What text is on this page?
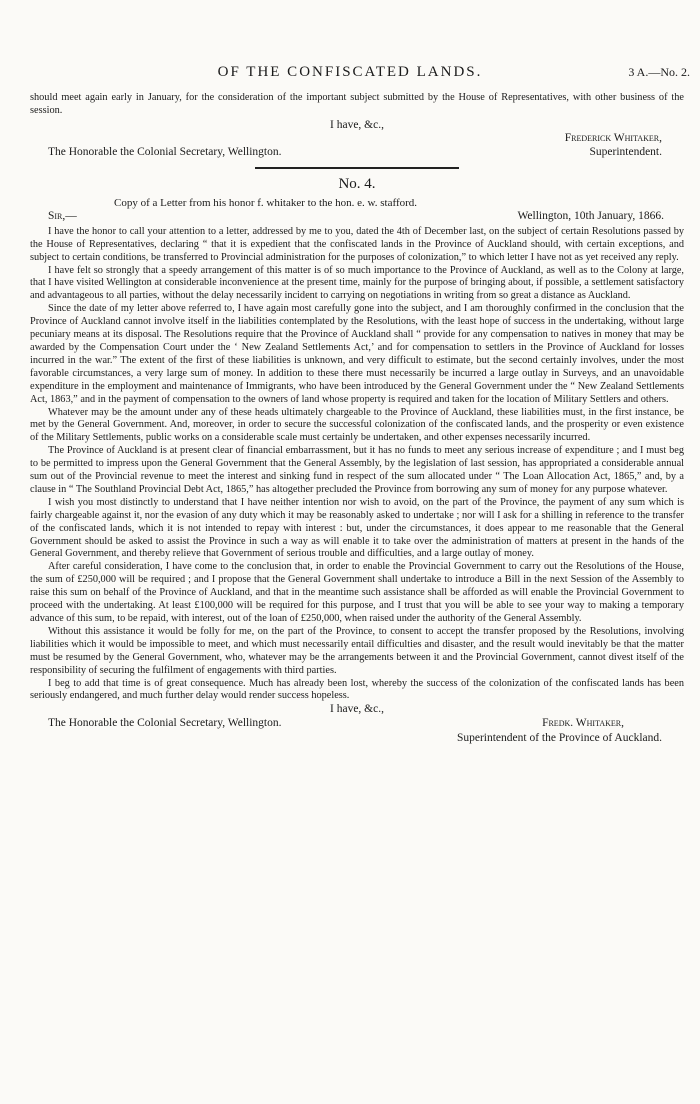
OF THE CONFISCATED LANDS.	3 A.—No. 2.

should meet again early in January, for the consideration of the important subject submitted by the House of Representatives, with other business of the session.

I have, &c.,
Frederick Whitaker,
The Honorable the Colonial Secretary, Wellington.	Superintendent.
No. 4.
Copy of a Letter from his honor f. whitaker to the hon. e. w. stafford.
Sir,—	Wellington, 10th January, 1866.

I have the honor to call your attention to a letter, addressed by me to you, dated the 4th of December last, on the subject of certain Resolutions passed by the House of Representatives, declaring “ that it is expedient that the confiscated lands in the Province of Auckland should, with certain exceptions, and subject to certain conditions, be transferred to Provincial administration for the purposes of colonization,” to which letter I have not as yet received any reply.

I have felt so strongly that a speedy arrangement of this matter is of so much importance to the Province of Auckland, as well as to the Colony at large, that I have visited Wellington at considerable inconvenience at the present time, mainly for the purpose of bringing about, if possible, a settlement satisfactory and advantageous to all parties, without the delay necessarily incident to carrying on negotiations in writing from so great a distance as Auckland.

Since the date of my letter above referred to, I have again most carefully gone into the subject, and I am thoroughly confirmed in the conclusion that the Province of Auckland cannot involve itself in the liabilities contemplated by the Resolutions, with the least hope of success in the undertaking, without large pecuniary means at its disposal. The Resolutions require that the Province of Auckland shall “ provide for any compensation to natives in money that may be awarded by the Compensation Court under the ‘ New Zealand Settlements Act,’ and for compensation to settlers in the Province of Auckland for losses incurred in the war.” The extent of the first of these liabilities is unknown, and very difficult to estimate, but the second certainly involves, under the most favorable circumstances, a very large sum of money. In addition to these there must necessarily be incurred a large outlay in Surveys, and an unavoidable expenditure in the employment and maintenance of Immigrants, who have been introduced by the General Government under the “ New Zealand Settlements Act, 1863,” and in the payment of compensation to the owners of land whose property is required and taken for the location of Military Settlers and others.

Whatever may be the amount under any of these heads ultimately chargeable to the Province of Auckland, these liabilities must, in the first instance, be met by the General Government. And, moreover, in order to secure the successful colonization of the confiscated lands, and the prosperity or even existence of the Military Settlements, public works on a considerable scale must certainly be undertaken, and other expenses necessarily incurred.

The Province of Auckland is at present clear of financial embarrassment, but it has no funds to meet any serious increase of expenditure ; and I must beg to be permitted to impress upon the General Government that the General Assembly, by the legislation of last session, has appropriated a considerable annual sum out of the Provincial revenue to meet the interest and sinking fund in respect of the sum allocated under “ The Loan Allocation Act, 1865,” and, by a clause in “ The Southland Provincial Debt Act, 1865,” has altogether precluded the Province from borrowing any sum of money for any purpose whatever.

I wish you most distinctly to understand that I have neither intention nor wish to avoid, on the part of the Province, the payment of any sum which is fairly chargeable against it, nor the evasion of any duty which it may be reasonably asked to undertake ; nor will I ask for a shilling in reference to the transfer of the confiscated lands, which it is not intended to repay with interest : but, under the circumstances, it does appear to me reasonable that the General Government should be asked to assist the Province in such a way as will enable it to take over the administration of matters at present in the hands of the General Government, and thereby relieve that Government of serious trouble and difficulties, and a large outlay of money.

After careful consideration, I have come to the conclusion that, in order to enable the Provincial Government to carry out the Resolutions of the House, the sum of £250,000 will be required ; and I propose that the General Government shall undertake to introduce a Bill in the next Session of the Assembly to raise this sum on behalf of the Province of Auckland, and that in the meantime such assistance shall be afforded as will enable the Provincial Government to proceed with the undertaking. At least £100,000 will be required for this purpose, and I trust that you will be able to see your way to making a temporary advance of this sum, to be repaid, with interest, out of the loan of £250,000, when raised under the authority of the General Assembly.

Without this assistance it would be folly for me, on the part of the Province, to consent to accept the transfer proposed by the Resolutions, involving liabilities which it would be impossible to meet, and which must necessarily entail difficulties and disaster, and the result would inevitably be that the matter must be resumed by the General Government, who, whatever may be the arrangements between it and the Provincial Government, cannot divest itself of the responsibility of securing the fulfilment of engagements with third parties.

I beg to add that time is of great consequence. Much has already been lost, whereby the success of the colonization of the confiscated lands has been seriously endangered, and much further delay would render success hopeless.

I have, &c.,
The Honorable the Colonial Secretary, Wellington.	Fredk. Whitaker,
Superintendent of the Province of Auckland.
